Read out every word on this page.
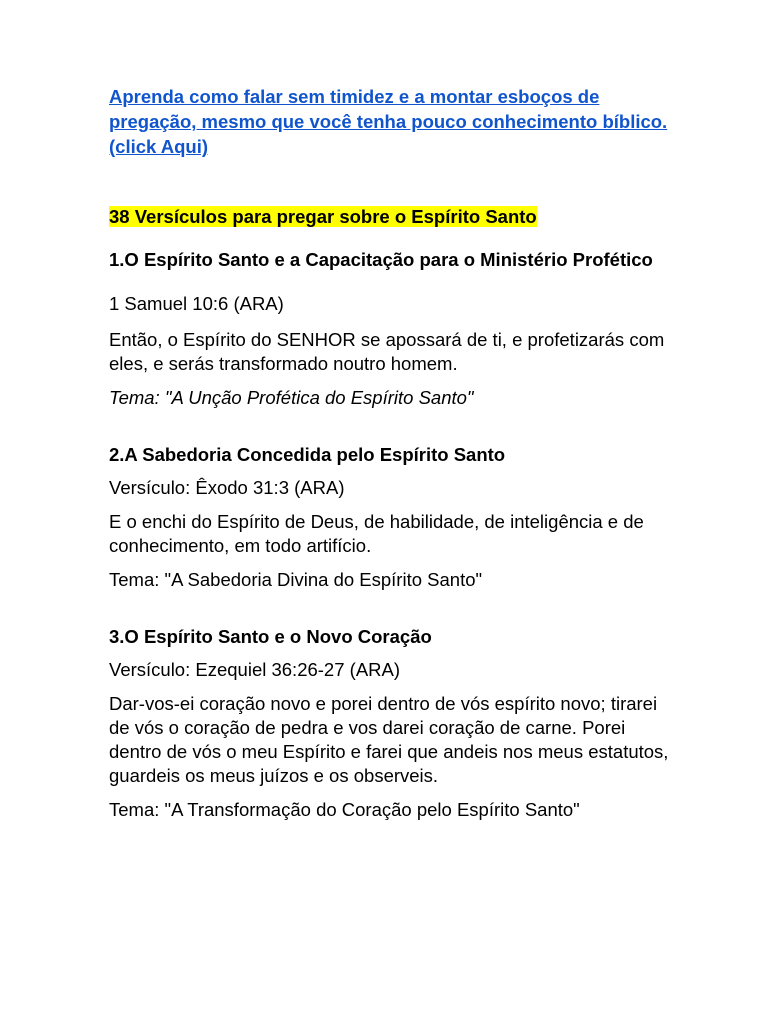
Aprenda como falar sem timidez e a montar esboços de pregação, mesmo que você tenha pouco conhecimento bíblico. (click Aqui)
38 Versículos para pregar sobre o Espírito Santo

1.O Espírito Santo e a Capacitação para o Ministério Profético

1 Samuel 10:6 (ARA)

Então, o Espírito do SENHOR se apossará de ti, e profetizarás com eles, e serás transformado noutro homem.

Tema: "A Unção Profética do Espírito Santo"

2.A Sabedoria Concedida pelo Espírito Santo

Versículo: Êxodo 31:3 (ARA)

E o enchi do Espírito de Deus, de habilidade, de inteligência e de conhecimento, em todo artifício.

Tema: "A Sabedoria Divina do Espírito Santo"

3.O Espírito Santo e o Novo Coração

Versículo: Ezequiel 36:26-27 (ARA)

Dar-vos-ei coração novo e porei dentro de vós espírito novo; tirarei de vós o coração de pedra e vos darei coração de carne. Porei dentro de vós o meu Espírito e farei que andeis nos meus estatutos, guardeis os meus juízos e os observeis.

Tema: "A Transformação do Coração pelo Espírito Santo"
